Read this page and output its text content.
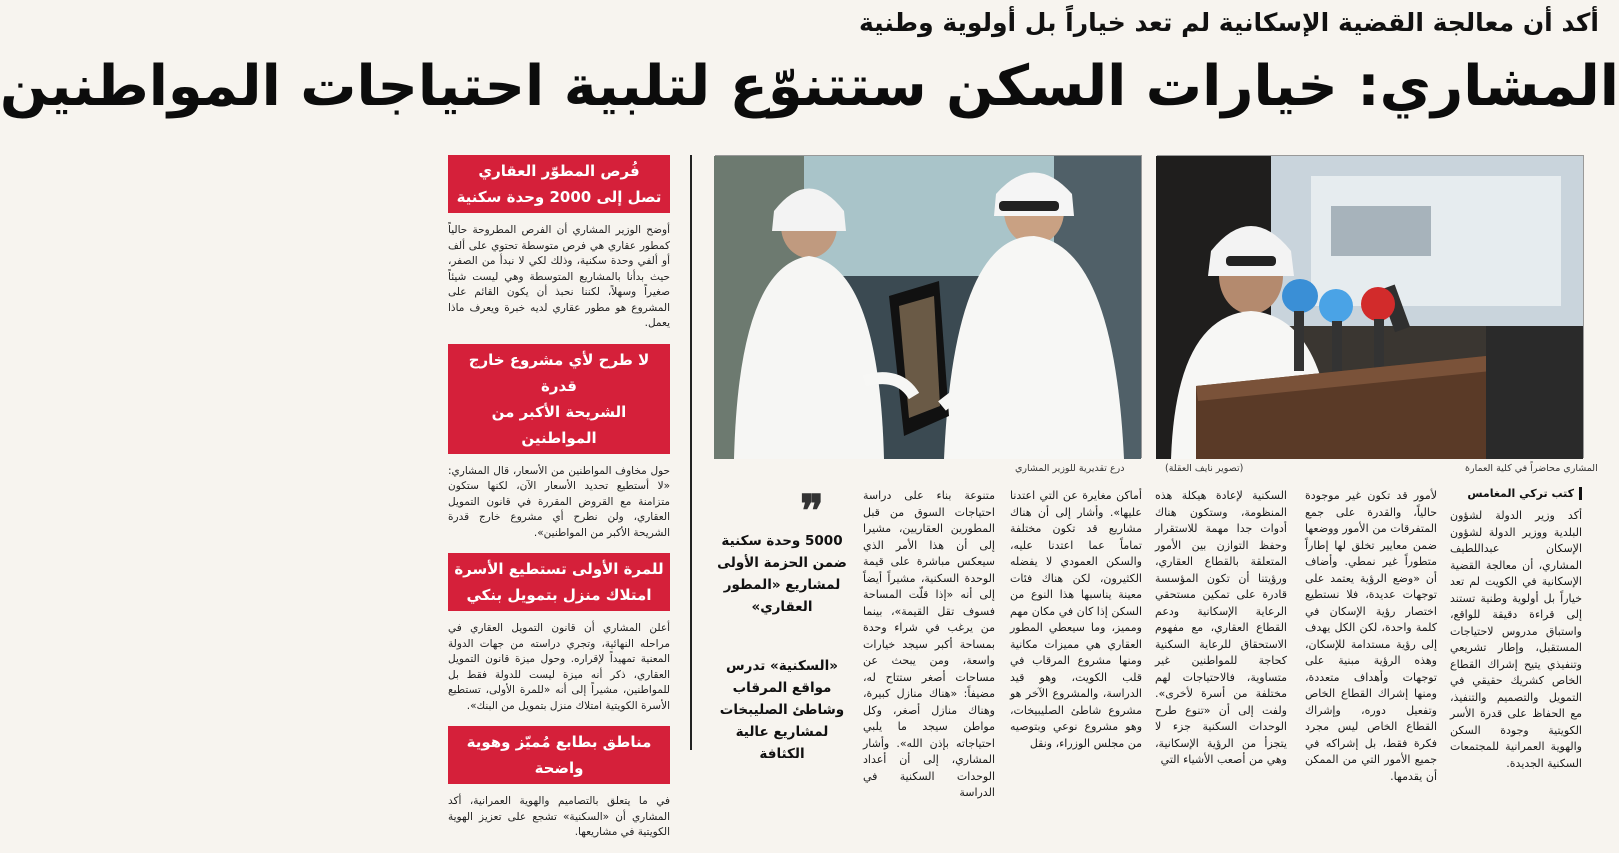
أكد أن معالجة القضية الإسكانية لم تعد خياراً بل أولوية وطنية
المشاري: خيارات السكن ستتنوّع لتلبية احتياجات المواطنين
فُرص المطوّر العقاري
تصل إلى 2000 وحدة سكنية
أوضح الوزير المشاري أن الفرص المطروحة حالياً كمطور عقاري هي فرص متوسطة تحتوي على ألف أو ألفي وحدة سكنية، وذلك لكي لا نبدأ من الصفر، حيث بدأنا بالمشاريع المتوسطة وهي ليست شيئاً صغيراً وسهلاً، لكننا نحبذ أن يكون القائم على المشروع هو مطور عقاري لديه خبرة ويعرف ماذا يعمل.
لا طرح لأي مشروع خارج قدرة
الشريحة الأكبر من المواطنين
حول مخاوف المواطنين من الأسعار، قال المشاري: «لا أستطيع تحديد الأسعار الآن، لكنها ستكون متزامنة مع القروض المقررة في قانون التمويل العقاري، ولن نطرح أي مشروع خارج قدرة الشريحة الأكبر من المواطنين».
للمرة الأولى تستطيع الأسرة
امتلاك منزل بتمويل بنكي
أعلن المشاري أن قانون التمويل العقاري في مراحله النهائية، وتجري دراسته من جهات الدولة المعنية تمهيداً لإقراره. وحول ميزة قانون التمويل العقاري، ذكر أنه ميزة ليست للدولة فقط بل للمواطنين، مشيراً إلى أنه «للمرة الأولى، تستطيع الأسرة الكويتية امتلاك منزل بتمويل من البنك».
مناطق بطابع مُميّز وهوية واضحة
في ما يتعلق بالتصاميم والهوية العمرانية، أكد المشاري أن «السكنية» تشجع على تعزيز الهوية الكويتية في مشاريعها.
المشاري محاضراً في كلية العمارة
(تصوير نايف العقلة)
درع تقديرية للوزير المشاري
كتب تركي المغامس
أكد وزير الدولة لشؤون البلدية ووزير الدولة لشؤون الإسكان عبداللطيف المشاري، أن معالجة القضية الإسكانية في الكويت لم تعد خياراً بل أولوية وطنية تستند إلى قراءة دقيقة للواقع، واستباق مدروس لاحتياجات المستقبل، وإطار تشريعي وتنفيذي يتيح إشراك القطاع الخاص كشريك حقيقي في التمويل والتصميم والتنفيذ، مع الحفاظ على قدرة الأسر الكويتية وجودة السكن والهوية العمرانية للمجتمعات السكنية الجديدة.
لأمور قد تكون غير موجودة حالياً، والقدرة على جمع المتفرقات من الأمور ووضعها ضمن معايير تخلق لها إطاراً متطوراً غير نمطي. وأضاف أن «وضع الرؤية يعتمد على توجهات عديدة، فلا نستطيع اختصار رؤية الإسكان في كلمة واحدة، لكن الكل يهدف إلى رؤية مستدامة للإسكان، وهذه الرؤية مبنية على توجهات وأهداف متعددة، ومنها إشراك القطاع الخاص وتفعيل دوره، وإشراك القطاع الخاص ليس مجرد فكرة فقط، بل إشراكه في جميع الأمور التي من الممكن أن يقدمها.
السكنية لإعادة هيكلة هذه المنظومة، وستكون هناك أدوات جدا مهمة للاستقرار وحفظ التوازن بين الأمور المتعلقة بالقطاع العقاري، ورؤيتنا أن تكون المؤسسة قادرة على تمكين مستحقي الرعاية الإسكانية ودعم القطاع العقاري، مع مفهوم الاستحقاق للرعاية السكنية كحاجة للمواطنين غير متساوية، فالاحتياجات لهم مختلفة من أسرة لأخرى». ولفت إلى أن «تنوع طرح الوحدات السكنية جزء لا يتجزأ من الرؤية الإسكانية، وهي من أصعب الأشياء التي
أماكن مغايرة عن التي اعتدنا عليها». وأشار إلى أن هناك مشاريع قد تكون مختلفة تماماً عما اعتدنا عليه، والسكن العمودي لا يفضله الكثيرون، لكن هناك فئات معينة يناسبها هذا النوع من السكن إذا كان في مكان مهم ومميز، وما سيعطي المطور العقاري هي مميزات مكانية ومنها مشروع المرقاب في قلب الكويت، وهو قيد الدراسة، والمشروع الآخر هو مشروع شاطئ الصليبيخات، وهو مشروع نوعي وبتوصيه من مجلس الوزراء، ونقل
متنوعة بناء على دراسة احتياجات السوق من قبل المطورين العقاريين، مشيرا إلى أن هذا الأمر الذي سيعكس مباشرة على قيمة الوحدة السكنية، مشيراً أيضاً إلى أنه «إذا قلّت المساحة فسوف تقل القيمة»، بينما من يرغب في شراء وحدة بمساحة أكبر سيجد خيارات واسعة، ومن يبحث عن مساحات أصغر ستتاح له، مضيفاً: «هناك منازل كبيرة، وهناك منازل أصغر، وكل مواطن سيجد ما يلبي احتياجاته بإذن الله». وأشار المشاري، إلى أن أعداد الوحدات السكنية في الدراسة
❞
5000 وحدة سكنية ضمن الحزمة الأولى لمشاريع «المطور العقاري»
«السكنية» تدرس مواقع المرقاب وشاطئ الصليبخات لمشاريع عالية الكثافة
